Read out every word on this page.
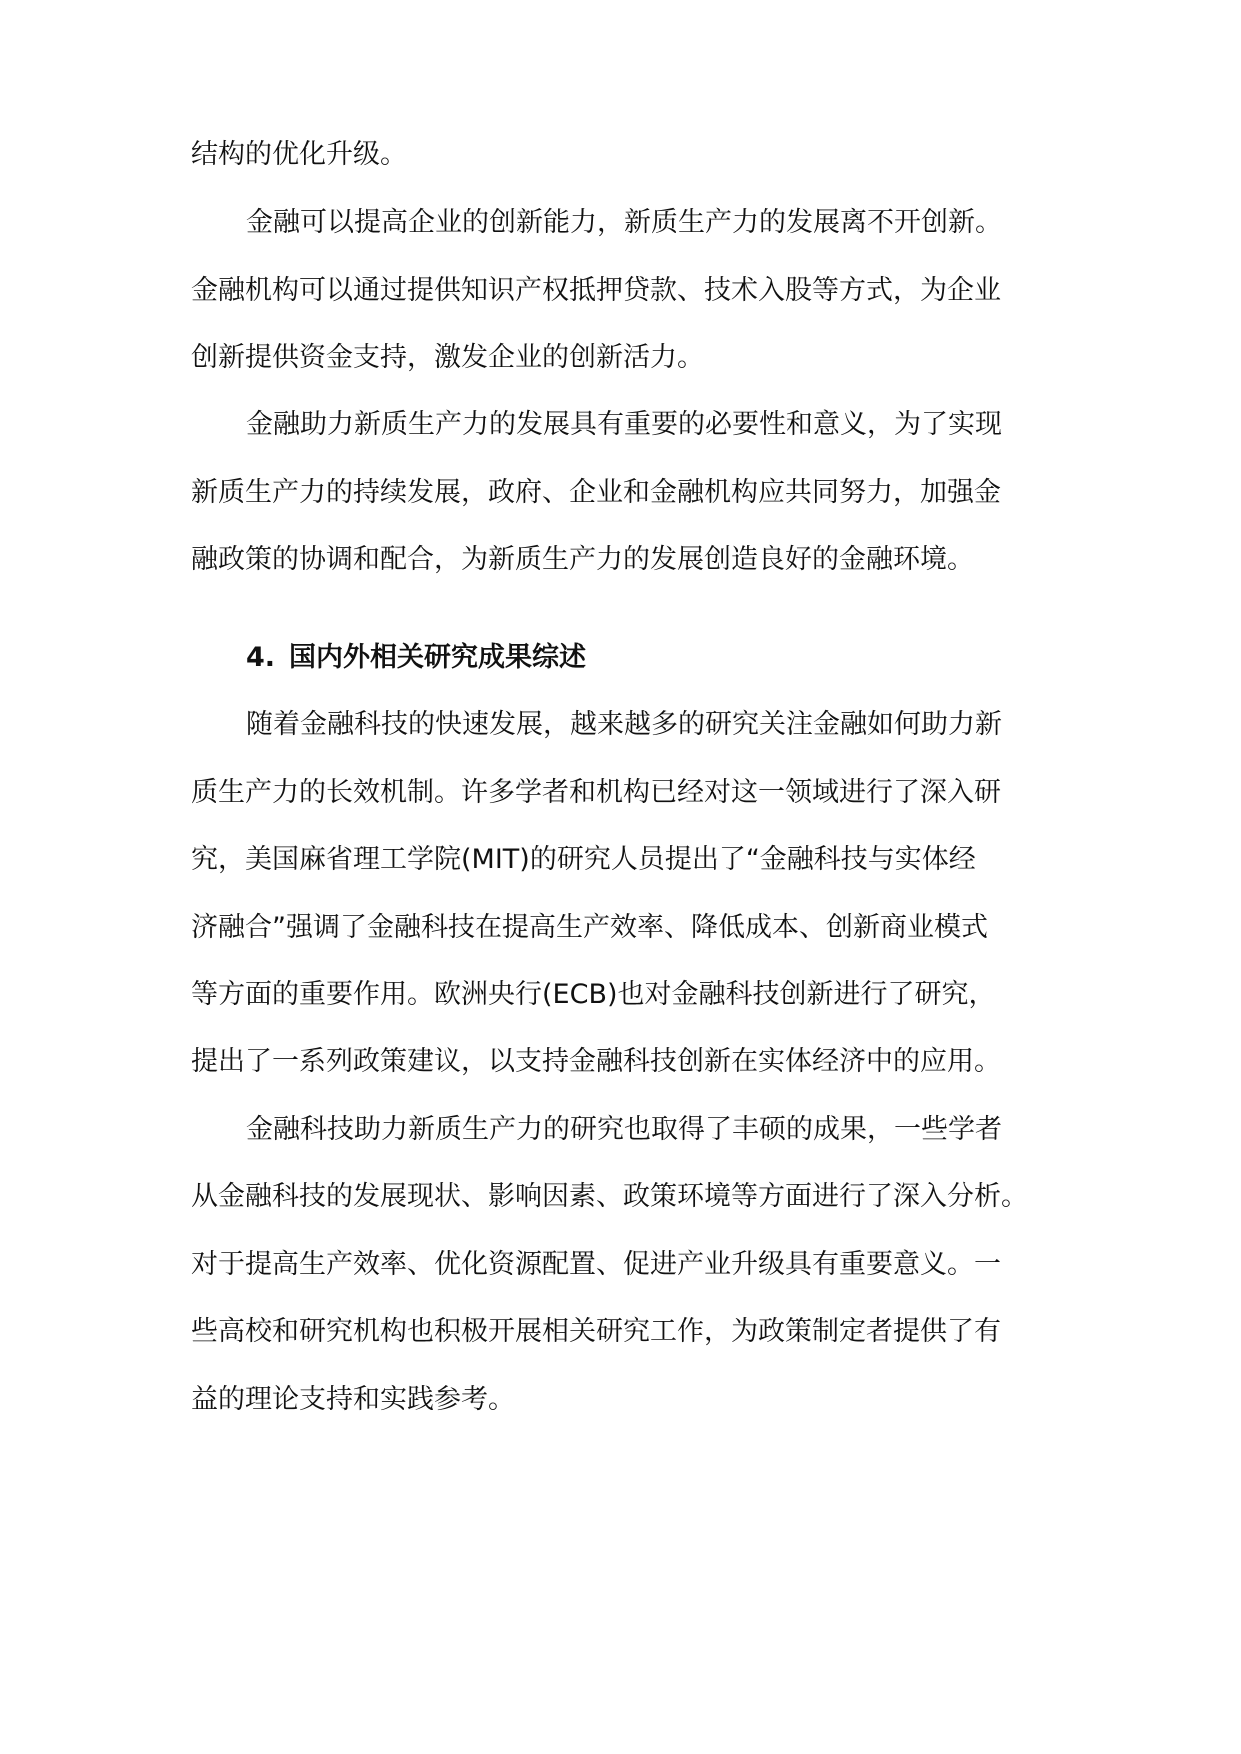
结构的优化升级。

金融可以提高企业的创新能力，新质生产力的发展离不开创新。

金融机构可以通过提供知识产权抵押贷款、技术入股等方式，为企业

创新提供资金支持，激发企业的创新活力。

金融助力新质生产力的发展具有重要的必要性和意义，为了实现

新质生产力的持续发展，政府、企业和金融机构应共同努力，加强金

融政策的协调和配合，为新质生产力的发展创造良好的金融环境。

4. 国内外相关研究成果综述

随着金融科技的快速发展，越来越多的研究关注金融如何助力新

质生产力的长效机制。许多学者和机构已经对这一领域进行了深入研

究，美国麻省理工学院(MIT)的研究人员提出了“金融科技与实体经

济融合”强调了金融科技在提高生产效率、降低成本、创新商业模式

等方面的重要作用。欧洲央行(ECB)也对金融科技创新进行了研究，

提出了一系列政策建议，以支持金融科技创新在实体经济中的应用。

金融科技助力新质生产力的研究也取得了丰硕的成果，一些学者

从金融科技的发展现状、影响因素、政策环境等方面进行了深入分析。

对于提高生产效率、优化资源配置、促进产业升级具有重要意义。一

些高校和研究机构也积极开展相关研究工作，为政策制定者提供了有

益的理论支持和实践参考。
